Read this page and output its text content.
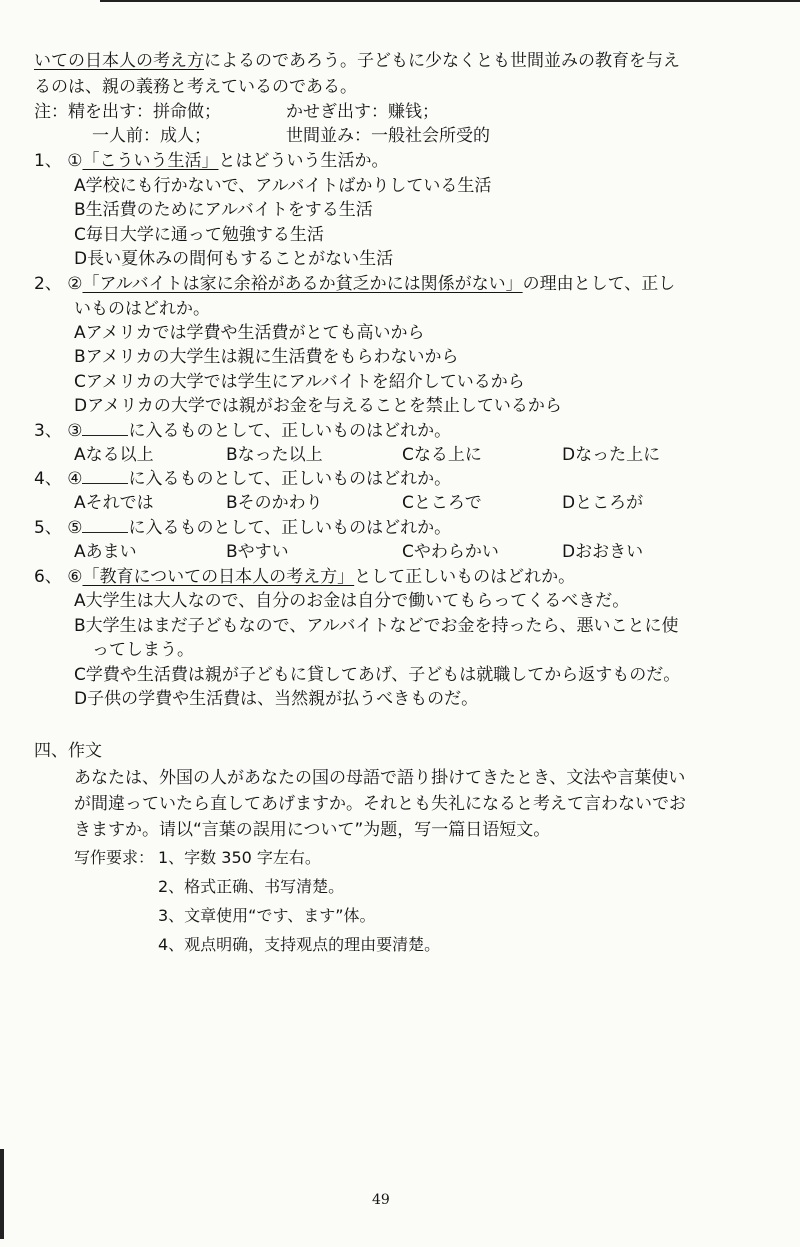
いての日本人の考え方によるのであろう。子どもに少なくとも世間並みの教育を与え
るのは、親の義務と考えているのである。
注：精を出す：拼命做；	かせぎ出す：赚钱；
一人前：成人；	世間並み：一般社会所受的
1、 ①「こういう生活」とはどういう生活か。
A学校にも行かないで、アルバイトばかりしている生活
B生活費のためにアルバイトをする生活
C毎日大学に通って勉強する生活
D長い夏休みの間何もすることがない生活
2、 ②「アルバイトは家に余裕があるか貧乏かには関係がない」の理由として、正し
いものはどれか。
Aアメリカでは学費や生活費がとても高いから
Bアメリカの大学生は親に生活費をもらわないから
Cアメリカの大学では学生にアルバイトを紹介しているから
Dアメリカの大学では親がお金を与えることを禁止しているから
3、 ③	に入るものとして、正しいものはどれか。
Aなる以上	Bなった以上	Cなる上に	Dなった上に
4、 ④	に入るものとして、正しいものはどれか。
Aそれでは	Bそのかわり	Cところで	Dところが
5、 ⑤	に入るものとして、正しいものはどれか。
Aあまい	Bやすい	Cやわらかい	Dおおきい
6、 ⑥「教育についての日本人の考え方」として正しいものはどれか。
A大学生は大人なので、自分のお金は自分で働いてもらってくるべきだ。
B大学生はまだ子どもなので、アルバイトなどでお金を持ったら、悪いことに使
ってしまう。
C学費や生活費は親が子どもに貸してあげ、子どもは就職してから返すものだ。
D子供の学費や生活費は、当然親が払うべきものだ。
四、作文
あなたは、外国の人があなたの国の母語で語り掛けてきたとき、文法や言葉使い
が間違っていたら直してあげますか。それとも失礼になると考えて言わないでお
きますか。请以“言葉の誤用について”为题，写一篇日语短文。
写作要求： 1、字数 350 字左右。
2、格式正确、书写清楚。
3、文章使用“です、ます”体。
4、观点明确，支持观点的理由要清楚。
49
